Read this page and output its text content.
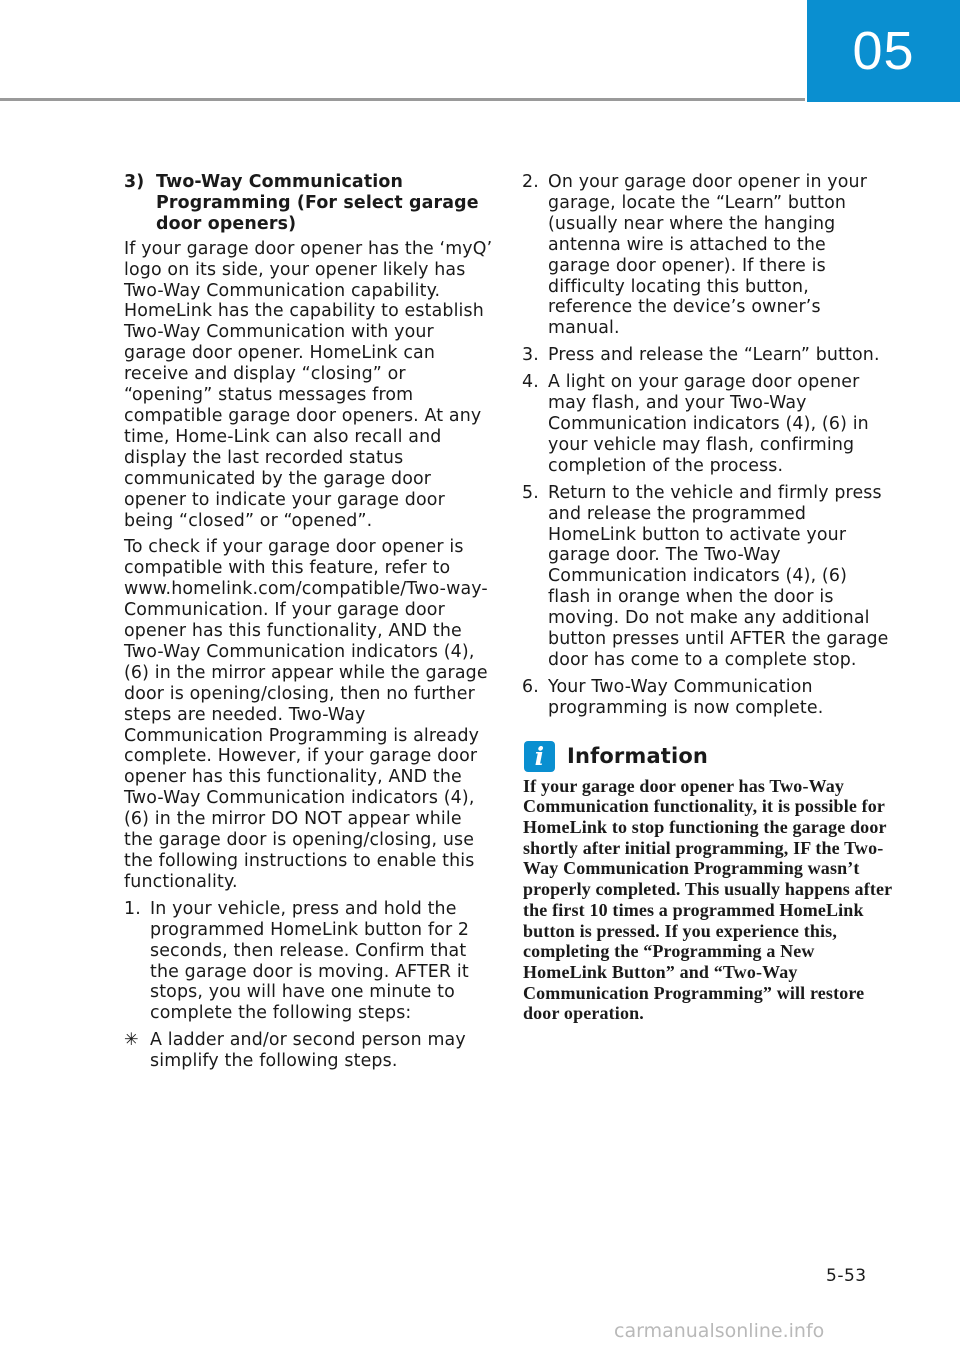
05
3) Two-Way Communication Programming (For select garage door openers)

If your garage door opener has the ‘myQ’ logo on its side, your opener likely has Two-Way Communication capability. HomeLink has the capability to establish Two-Way Communication with your garage door opener. HomeLink can receive and display “closing” or “opening” status messages from compatible garage door openers. At any time, Home-Link can also recall and display the last recorded status communicated by the garage door opener to indicate your garage door being “closed” or “opened”.

To check if your garage door opener is compatible with this feature, refer to www.homelink.com/compatible/Two-way-Communication. If your garage door opener has this functionality, AND the Two-Way Communication indicators (4), (6) in the mirror appear while the garage door is opening/closing, then no further steps are needed. Two-Way Communication Programming is already complete. However, if your garage door opener has this functionality, AND the Two-Way Communication indicators (4), (6) in the mirror DO NOT appear while the garage door is opening/closing, use the following instructions to enable this functionality.

1. In your vehicle, press and hold the programmed HomeLink button for 2 seconds, then release. Confirm that the garage door is moving. AFTER it stops, you will have one minute to complete the following steps:
✳ A ladder and/or second person may simplify the following steps.
2. On your garage door opener in your garage, locate the “Learn” button (usually near where the hanging antenna wire is attached to the garage door opener). If there is difficulty locating this button, reference the device’s owner’s manual.
3. Press and release the “Learn” button.
4. A light on your garage door opener may flash, and your Two-Way Communication indicators (4), (6) in your vehicle may flash, confirming completion of the process.
5. Return to the vehicle and firmly press and release the programmed HomeLink button to activate your garage door. The Two-Way Communication indicators (4), (6) flash in orange when the door is moving. Do not make any additional button presses until AFTER the garage door has come to a complete stop.
6. Your Two-Way Communication programming is now complete.
i	Information

If your garage door opener has Two-Way Communication functionality, it is possible for HomeLink to stop functioning the garage door shortly after initial programming, IF the Two-Way Communication Programming wasn’t properly completed. This usually happens after the first 10 times a programmed HomeLink button is pressed. If you experience this, completing the “Programming a New HomeLink Button” and “Two-Way Communication Programming” will restore door operation.

5-53
carmanualsonline.info
